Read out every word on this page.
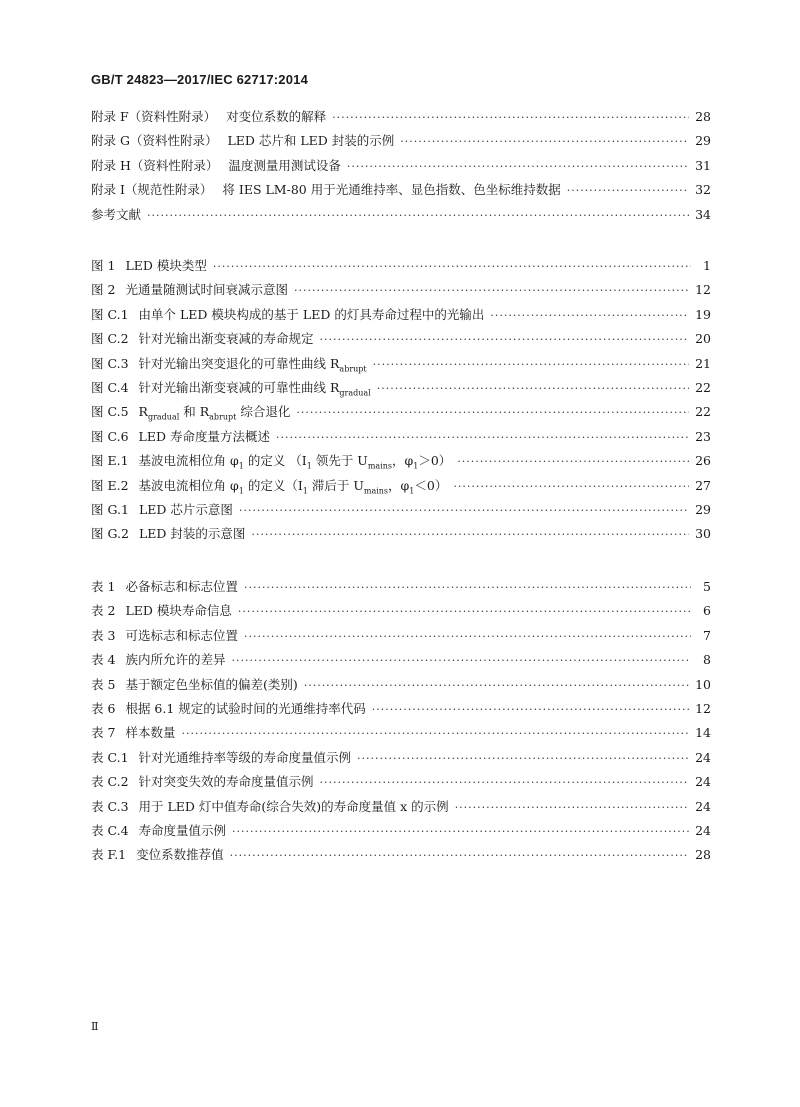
GB/T 24823—2017/IEC 62717:2014
附录 F（资料性附录） 对变位系数的解释 ·····	28
附录 G（资料性附录） LED 芯片和 LED 封装的示例 ·····	29
附录 H（资料性附录） 温度测量用测试设备 ·····	31
附录 I（规范性附录） 将 IES LM-80 用于光通维持率、显色指数、色坐标维持数据 ·····	32
参考文献 ·····	34
图 1 LED 模块类型 ·····	1
图 2 光通量随测试时间衰减示意图 ·····	12
图 C.1 由单个 LED 模块构成的基于 LED 的灯具寿命过程中的光输出 ·····	19
图 C.2 针对光输出渐变衰减的寿命规定 ·····	20
图 C.3 针对光输出突变退化的可靠性曲线 $R_{abrupt}$ ·····	21
图 C.4 针对光输出渐变衰减的可靠性曲线 $R_{gradual}$ ·····	22
图 C.5 $R_{gradual}$ 和 $R_{abrupt}$ 综合退化 ·····	22
图 C.6 LED 寿命度量方法概述 ·····	23
图 E.1 基波电流相位角 $\varphi_1$ 的定义 （$I_1$ 领先于 $U_{mains}$，$\varphi_1>0$） ·····	26
图 E.2 基波电流相位角 $\varphi_1$ 的定义（$I_1$ 滞后于 $U_{mains}$，$\varphi_1<0$） ·····	27
图 G.1 LED 芯片示意图 ·····	29
图 G.2 LED 封装的示意图 ·····	30
表 1 必备标志和标志位置 ·····	5
表 2 LED 模块寿命信息 ·····	6
表 3 可选标志和标志位置 ·····	7
表 4 族内所允许的差异 ·····	8
表 5 基于额定色坐标值的偏差(类别) ·····	10
表 6 根据 6.1 规定的试验时间的光通维持率代码 ·····	12
表 7 样本数量 ·····	14
表 C.1 针对光通维持率等级的寿命度量值示例 ·····	24
表 C.2 针对突变失效的寿命度量值示例 ·····	24
表 C.3 用于 LED 灯中值寿命(综合失效)的寿命度量值 x 的示例 ·····	24
表 C.4 寿命度量值示例 ·····	24
表 F.1 变位系数推荐值 ·····	28
Ⅱ
